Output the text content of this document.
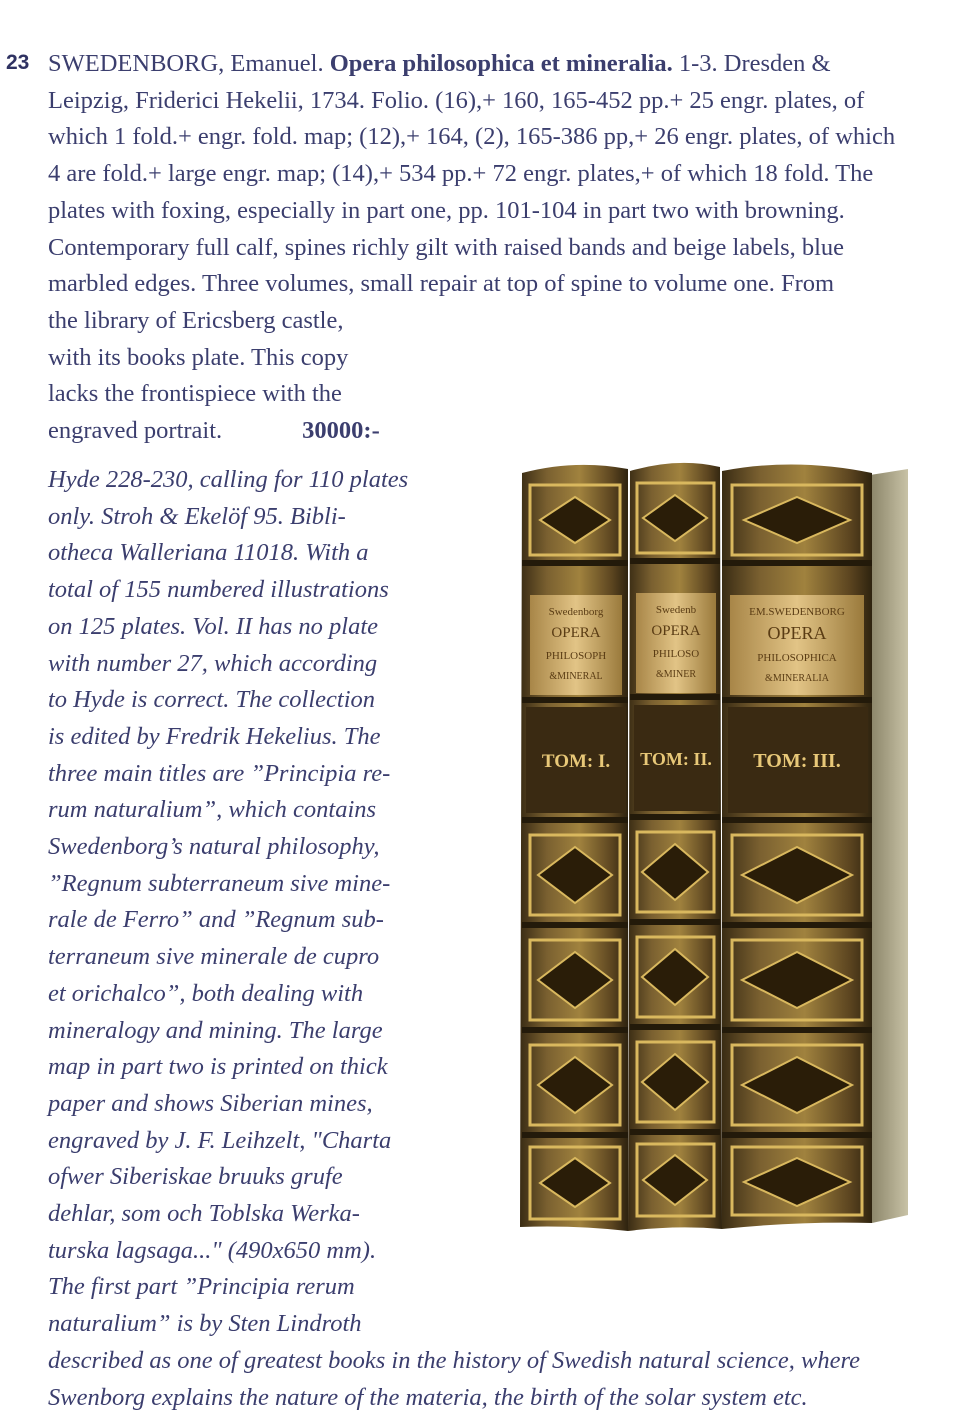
23 SWEDENBORG, Emanuel. Opera philosophica et mineralia. 1-3. Dresden &
Leipzig, Friderici Hekelii, 1734. Folio. (16),+ 160, 165-452 pp.+ 25 engr. plates, of
which 1 fold.+ engr. fold. map; (12),+ 164, (2), 165-386 pp,+ 26 engr. plates, of which
4 are fold.+ large engr. map; (14),+ 534 pp.+ 72 engr. plates,+ of which 18 fold. The
plates with foxing, especially in part one, pp. 101-104 in part two with browning.
Contemporary full calf, spines richly gilt with raised bands and beige labels, blue
marbled edges. Three volumes, small repair at top of spine to volume one. From
the library of Ericsberg castle,
with its books plate. This copy
lacks the frontispiece with the
engraved portrait.	30000:-
Hyde 228-230, calling for 110 plates
only. Stroh & Ekelöf 95. Bibli-
otheca Walleriana 11018. With a
total of 155 numbered illustrations
on 125 plates. Vol. II has no plate
with number 27, which according
to Hyde is correct. The collection
is edited by Fredrik Hekelius. The
three main titles are ”Principia re-
rum naturalium”, which contains
Swedenborg’s natural philosophy,
”Regnum subterraneum sive mine-
rale de Ferro” and ”Regnum sub-
terraneum sive minerale de cupro
et orichalco”, both dealing with
mineralogy and mining. The large
map in part two is printed on thick
paper and shows Siberian mines,
engraved by J. F. Leihzelt, "Charta
ofwer Siberiskae bruuks grufe
dehlar, som och Toblska Werka-
turska lagsaga..." (490x650 mm).
The first part ”Principia rerum
naturalium” is by Sten Lindroth
described as one of greatest books in the history of Swedish natural science, where
Swenborg explains the nature of the materia, the birth of the solar system etc.
Swedenborg
OPERA
PHILOSOPH
&MINERAL
Swedenb
OPERA
PHILOSO
&MINER
EM.SWEDENBORG
OPERA
PHILOSOPHICA
&MINERALIA
TOM: I. TOM: II. TOM: III.
